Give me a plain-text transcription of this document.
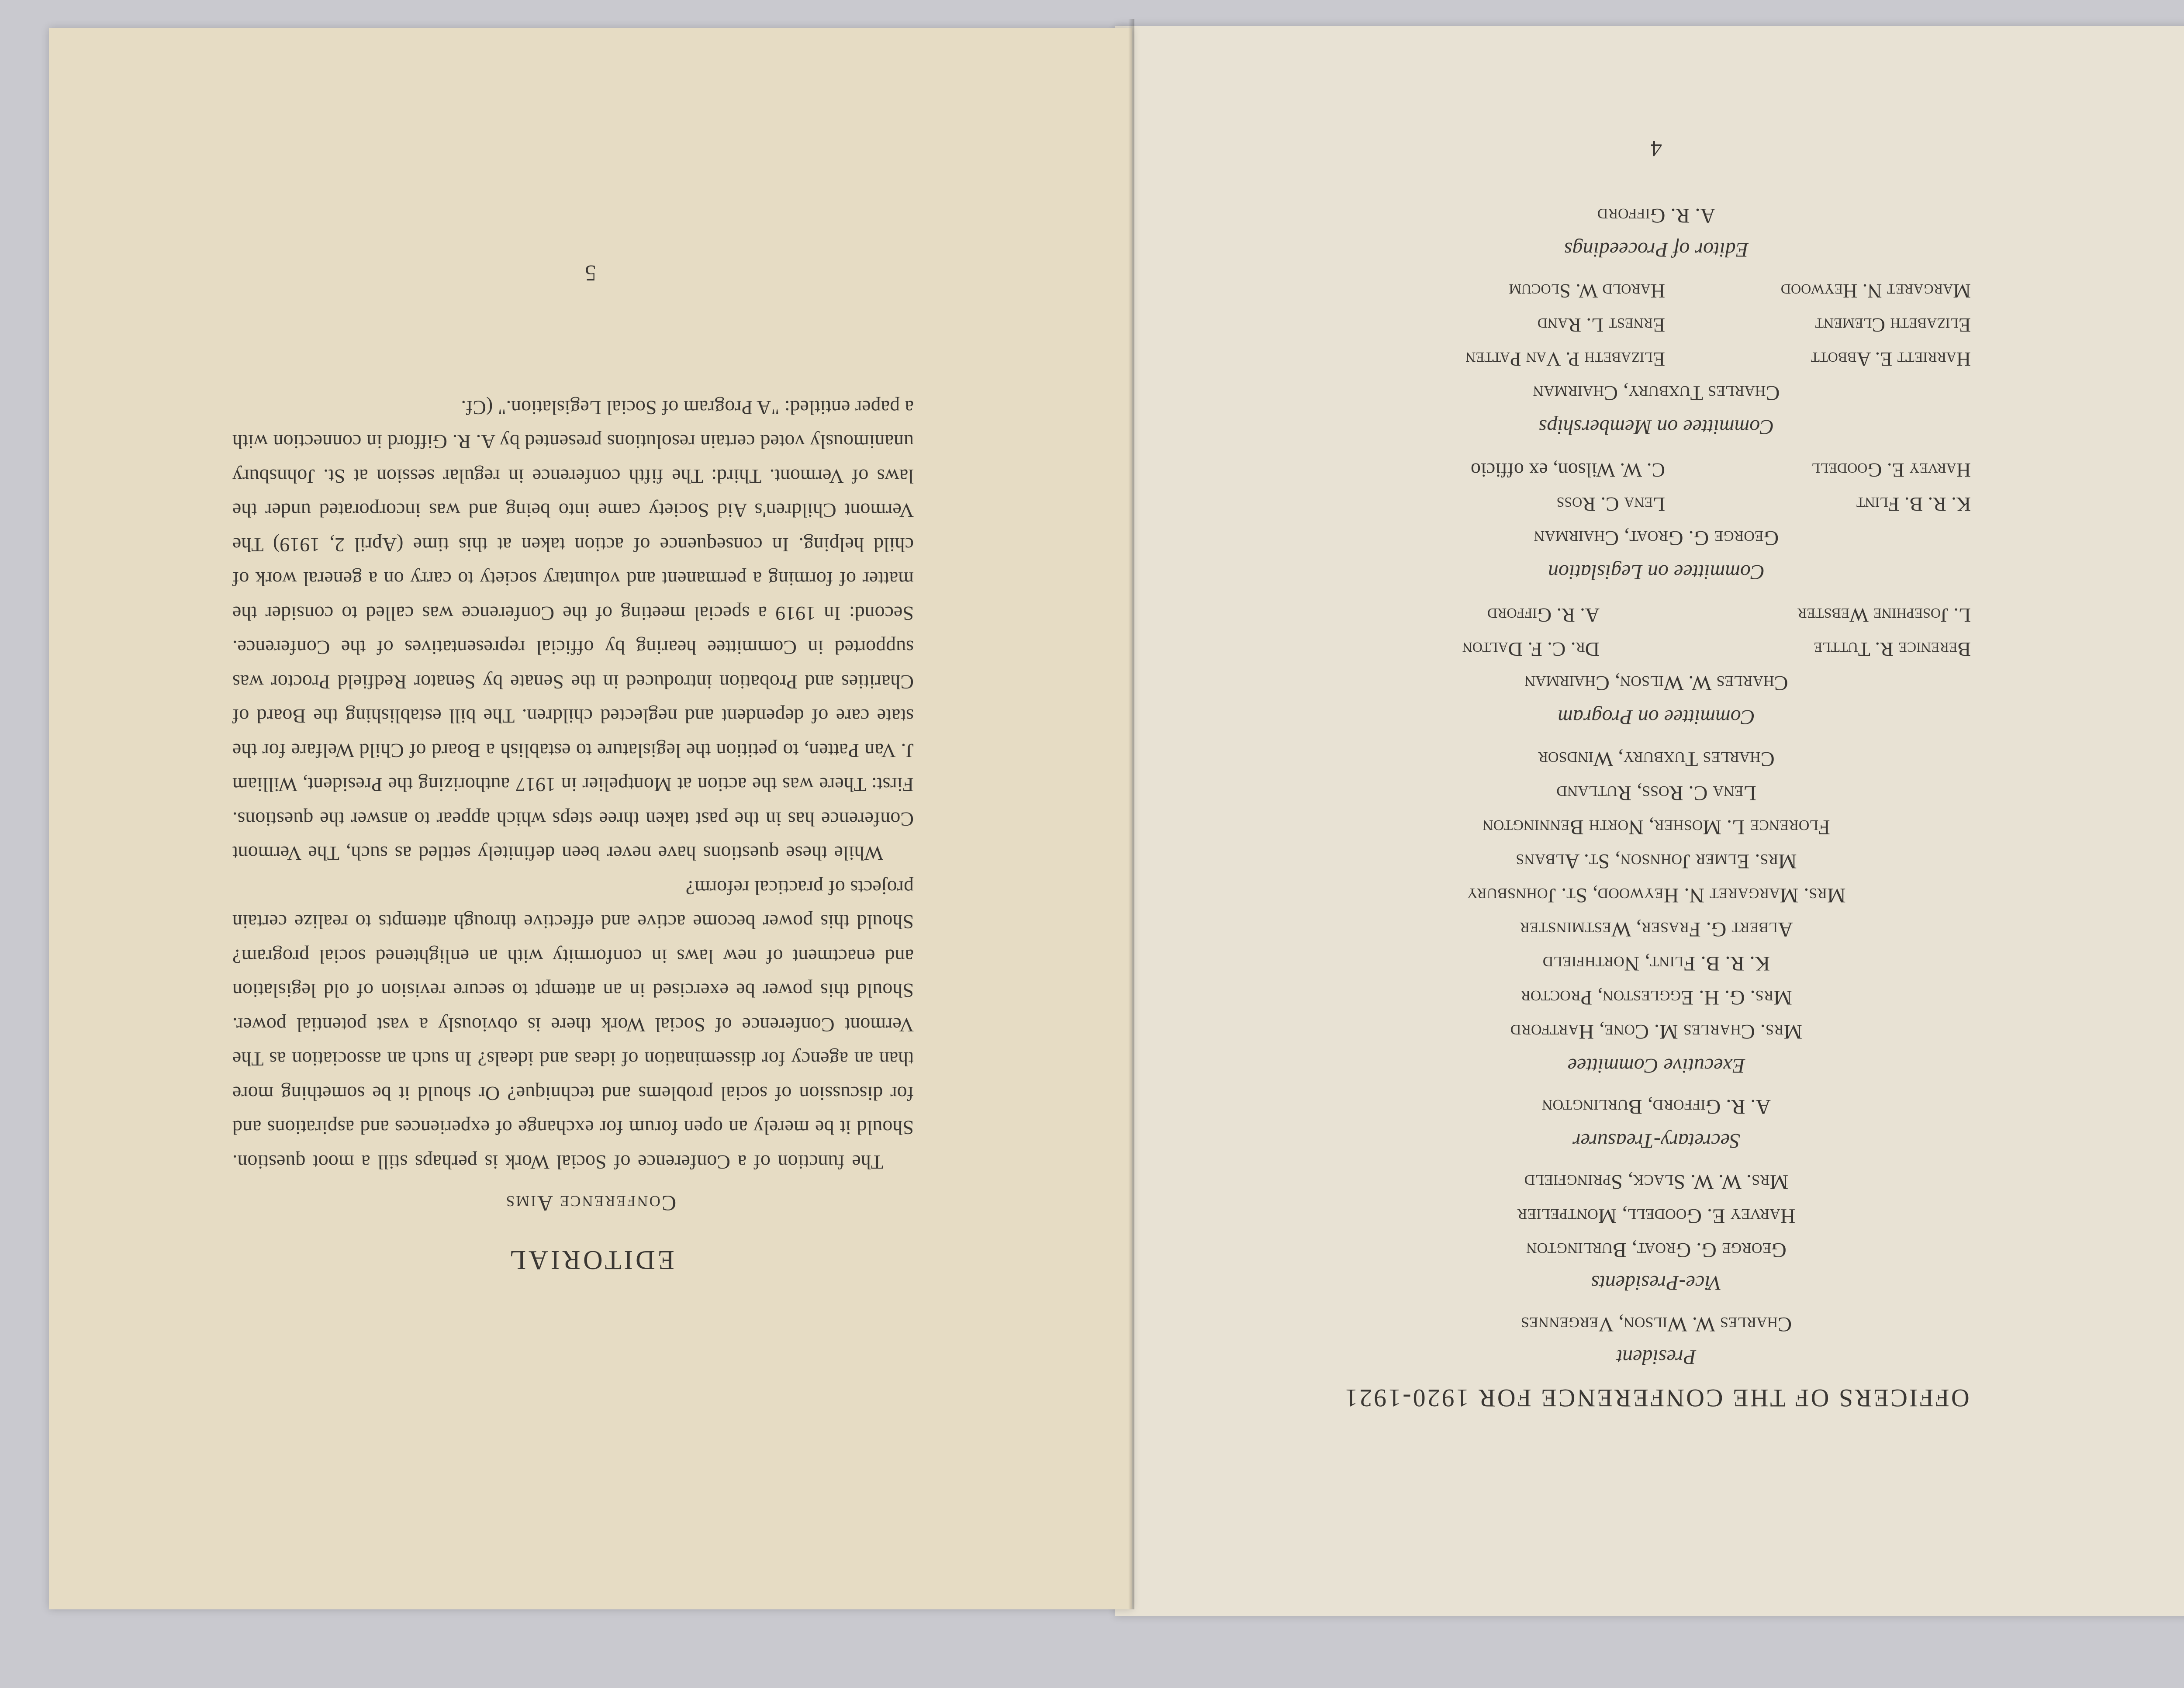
OFFICERS OF THE CONFERENCE FOR 1920-1921
President
Charles W. Wilson, Vergennes
Vice-Presidents
George G. Groat, Burlington
Harvey E. Goodell, Montpelier
Mrs. W. W. Slack, Springfield
Secretary-Treasurer
A. R. Gifford, Burlington
Executive Committee
Mrs. Charles M. Cone, Hartford
Mrs. G. H. Eggleston, Proctor
K. R. B. Flint, Northfield
Albert G. Fraser, Westminster
Mrs. Margaret N. Heywood, St. Johnsbury
Mrs. Elmer Johnson, St. Albans
Florence L. Mosher, North Bennington
Lena C. Ross, Rutland
Charles Tuxbury, Windsor
Committee on Program
Charles W. Wilson, Chairman
Berenice R. Tuttle
Dr. C. F. Dalton
L. Josephine Webster
A. R. Gifford
Committee on Legislation
George G. Groat, Chairman
K. R. B. Flint
Lena C. Ross
Harvey E. Goodell
C. W. Wilson, ex officio
Committee on Memberships
Charles Tuxbury, Chairman
Harriett E. Abbott
Elizabeth P. Van Patten
Elizabeth Clement
Ernest L. Rand
Margaret N. Heywood
Harold W. Slocum
Editor of Proceedings
A. R. Gifford
4
EDITORIAL
Conference Aims

The function of a Conference of Social Work is perhaps still a moot question. Should it be merely an open forum for exchange of experiences and aspirations and for discussion of social problems and technique? Or should it be something more than an agency for dissemination of ideas and ideals? In such an association as The Vermont Conference of Social Work there is obviously a vast potential power. Should this power be exercised in an attempt to secure revision of old legislation and enactment of new laws in conformity with an enlightened social program? Should this power become active and effective through attempts to realize certain projects of practical reform?

While these questions have never been definitely settled as such, The Vermont Conference has in the past taken three steps which appear to answer the questions. First: There was the action at Montpelier in 1917 authorizing the President, William J. Van Patten, to petition the legislature to establish a Board of Child Welfare for the state care of dependent and neglected children. The bill establishing the Board of Charities and Probation introduced in the Senate by Senator Redfield Proctor was supported in Committee hearing by official representatives of the Conference. Second: In 1919 a special meeting of the Conference was called to consider the matter of forming a permanent and voluntary society to carry on a general work of child helping. In consequence of action taken at this time (April 2, 1919) The Vermont Children's Aid Society came into being and was incorporated under the laws of Vermont. Third: The fifth conference in regular session at St. Johnsbury unanimously voted certain resolutions presented by A. R. Gifford in connection with a paper entitled: "A Program of Social Legislation." (Cf.

5
